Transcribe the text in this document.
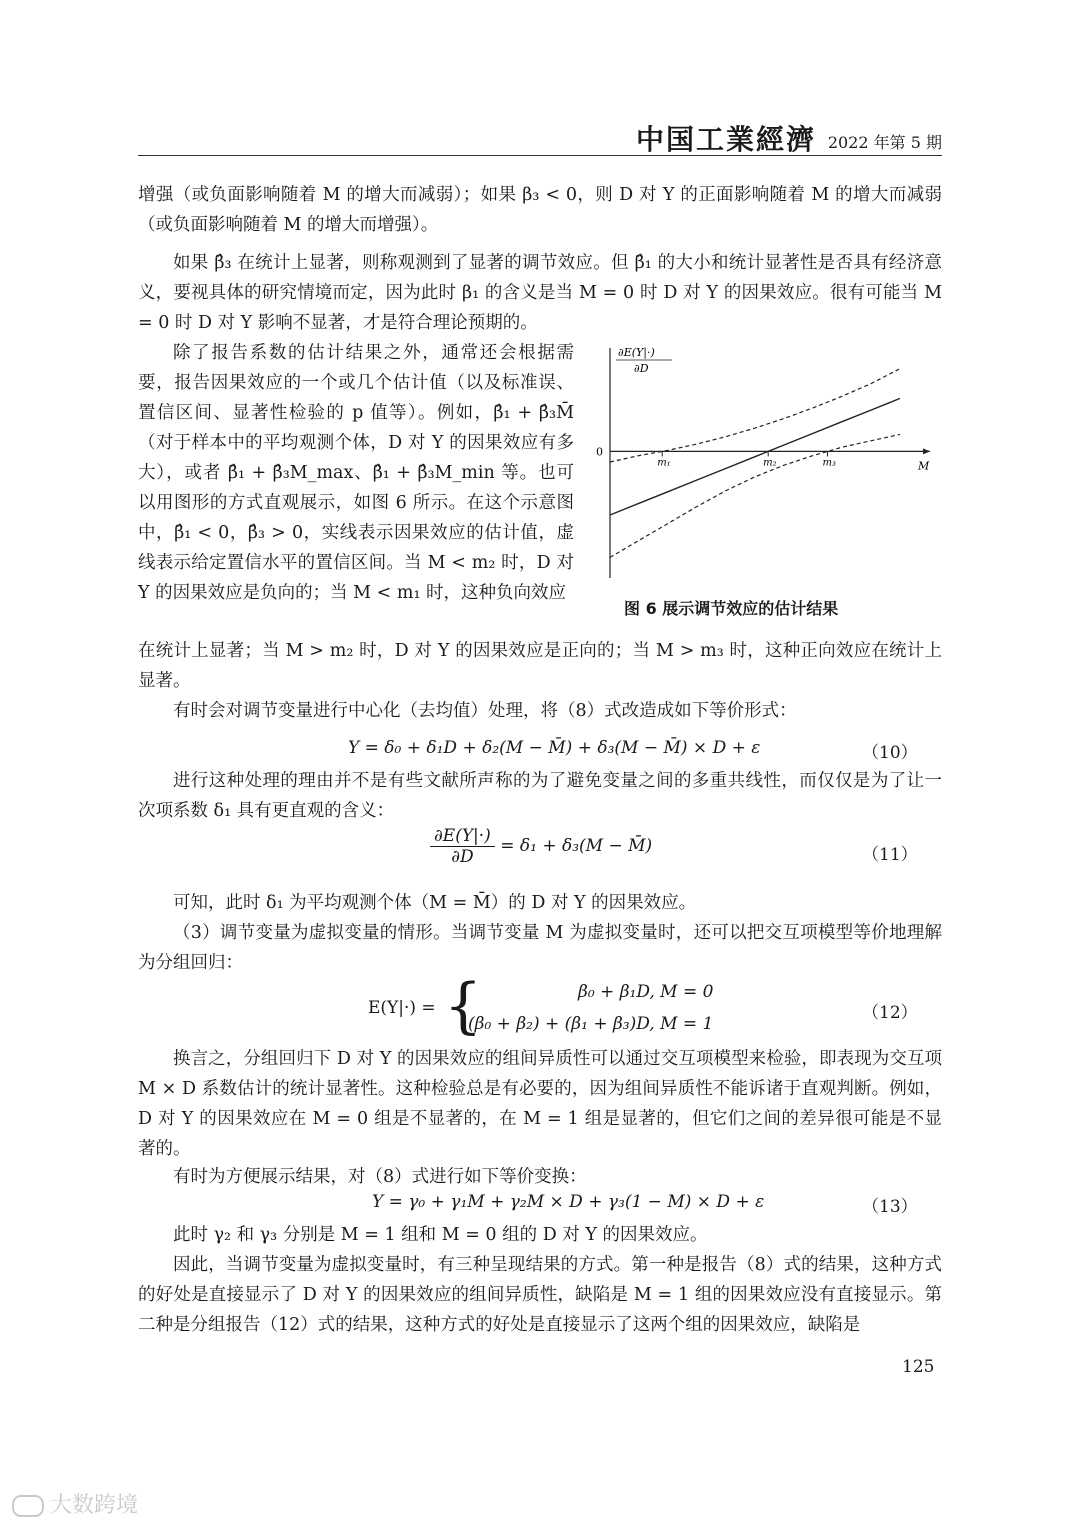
中国工業經濟 2022 年第 5 期

增强（或负面影响随着 M 的增大而减弱）；如果 β₃ < 0，则 D 对 Y 的正面影响随着 M 的增大而减弱（或负面影响随着 M 的增大而增强）。

如果 β̂₃ 在统计上显著，则称观测到了显著的调节效应。但 β̂₁ 的大小和统计显著性是否具有经济意义，要视具体的研究情境而定，因为此时 β₁ 的含义是当 M = 0 时 D 对 Y 的因果效应。很有可能当 M = 0 时 D 对 Y 影响不显著，才是符合理论预期的。

除了报告系数的估计结果之外，通常还会根据需要，报告因果效应的一个或几个估计值（以及标准误、置信区间、显著性检验的 p 值等）。例如，β̂₁ + β̂₃M̄（对于样本中的平均观测个体，D 对 Y 的因果效应有多大），或者 β̂₁ + β̂₃M_max、β̂₁ + β̂₃M_min 等。也可以用图形的方式直观展示，如图 6 所示。在这个示意图中，β̂₁ < 0，β̂₃ > 0，实线表示因果效应的估计值，虚线表示给定置信水平的置信区间。当 M < m₂ 时，D 对 Y 的因果效应是负向的；当 M < m₁ 时，这种负向效应

∂E(Y|·)
∂D
M
0
m₁	m₂	m₃
图 6 展示调节效应的估计结果

在统计上显著；当 M > m₂ 时，D 对 Y 的因果效应是正向的；当 M > m₃ 时，这种正向效应在统计上显著。

有时会对调节变量进行中心化（去均值）处理，将（8）式改造成如下等价形式：

Y = δ₀ + δ₁D + δ₂(M − M̄) + δ₃(M − M̄) × D + ε	（10）

进行这种处理的理由并不是有些文献所声称的为了避免变量之间的多重共线性，而仅仅是为了让一次项系数 δ₁ 具有更直观的含义：

$\frac{\partial E(Y|\cdot)}{\partial D} = \delta_1 + \delta_3(M$ − M̄)	（11）

可知，此时 δ₁ 为平均观测个体（M = M̄）的 D 对 Y 的因果效应。

（3）调节变量为虚拟变量的情形。当调节变量 M 为虚拟变量时，还可以把交互项模型等价地理解为分组回归：

E(Y|·) = {	β₀ + β₁D, M = 0
(β₀ + β₂) + (β₁ + β₃)D, M = 1
（12）

换言之，分组回归下 D 对 Y 的因果效应的组间异质性可以通过交互项模型来检验，即表现为交互项 M × D 系数估计的统计显著性。这种检验总是有必要的，因为组间异质性不能诉诸于直观判断。例如，D 对 Y 的因果效应在 M = 0 组是不显著的，在 M = 1 组是显著的，但它们之间的差异很可能是不显著的。

有时为方便展示结果，对（8）式进行如下等价变换：

Y = γ₀ + γ₁M + γ₂M × D + γ₃(1 − M) × D + ε	（13）

此时 γ₂ 和 γ₃ 分别是 M = 1 组和 M = 0 组的 D 对 Y 的因果效应。

因此，当调节变量为虚拟变量时，有三种呈现结果的方式。第一种是报告（8）式的结果，这种方式的好处是直接显示了 D 对 Y 的因果效应的组间异质性，缺陷是 M = 1 组的因果效应没有直接显示。第二种是分组报告（12）式的结果，这种方式的好处是直接显示了这两个组的因果效应，缺陷是

125
大数跨境
